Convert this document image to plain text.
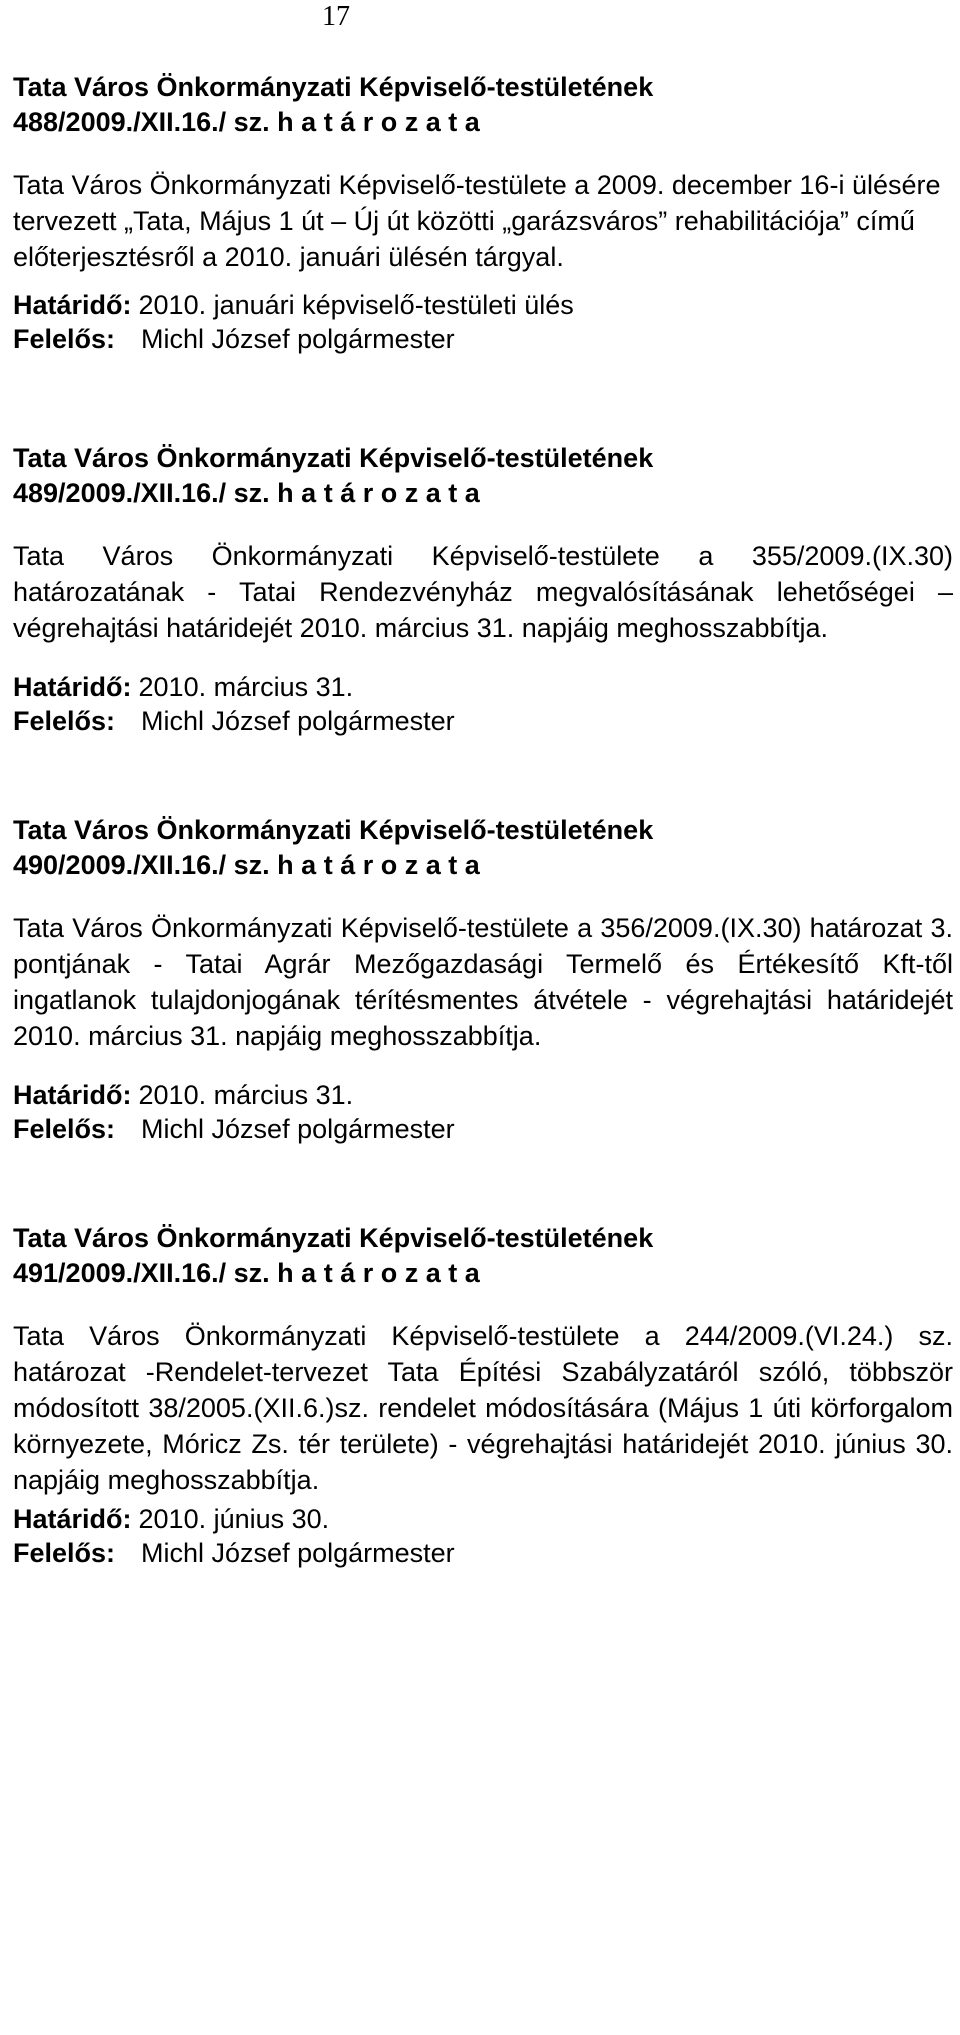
17
Tata Város Önkormányzati Képviselő-testületének
488/2009./XII.16./ sz. h a t á r o z a t a
Tata Város Önkormányzati Képviselő-testülete a 2009. december 16-i ülésére tervezett „Tata, Május 1 út – Új út közötti „garázsváros” rehabilitációja” című előterjesztésről a 2010. januári ülésén tárgyal.
Határidő: 2010. januári képviselő-testületi ülés
Felelős: Michl József polgármester
Tata Város Önkormányzati Képviselő-testületének
489/2009./XII.16./ sz. h a t á r o z a t a
Tata Város Önkormányzati Képviselő-testülete a 355/2009.(IX.30) határozatának - Tatai Rendezvényház megvalósításának lehetőségei – végrehajtási határidejét 2010. március 31. napjáig meghosszabbítja.
Határidő: 2010. március 31.
Felelős: Michl József polgármester
Tata Város Önkormányzati Képviselő-testületének
490/2009./XII.16./ sz. h a t á r o z a t a
Tata Város Önkormányzati Képviselő-testülete a 356/2009.(IX.30) határozat 3. pontjának - Tatai Agrár Mezőgazdasági Termelő és Értékesítő Kft-től ingatlanok tulajdonjogának térítésmentes átvétele - végrehajtási határidejét 2010. március 31. napjáig meghosszabbítja.
Határidő: 2010. március 31.
Felelős: Michl József polgármester
Tata Város Önkormányzati Képviselő-testületének
491/2009./XII.16./ sz. h a t á r o z a t a
Tata Város Önkormányzati Képviselő-testülete a 244/2009.(VI.24.) sz. határozat -Rendelet-tervezet Tata Építési Szabályzatáról szóló, többször módosított 38/2005.(XII.6.)sz. rendelet módosítására (Május 1 úti körforgalom környezete, Móricz Zs. tér területe) - végrehajtási határidejét 2010. június 30. napjáig meghosszabbítja.
Határidő: 2010. június 30.
Felelős: Michl József polgármester
